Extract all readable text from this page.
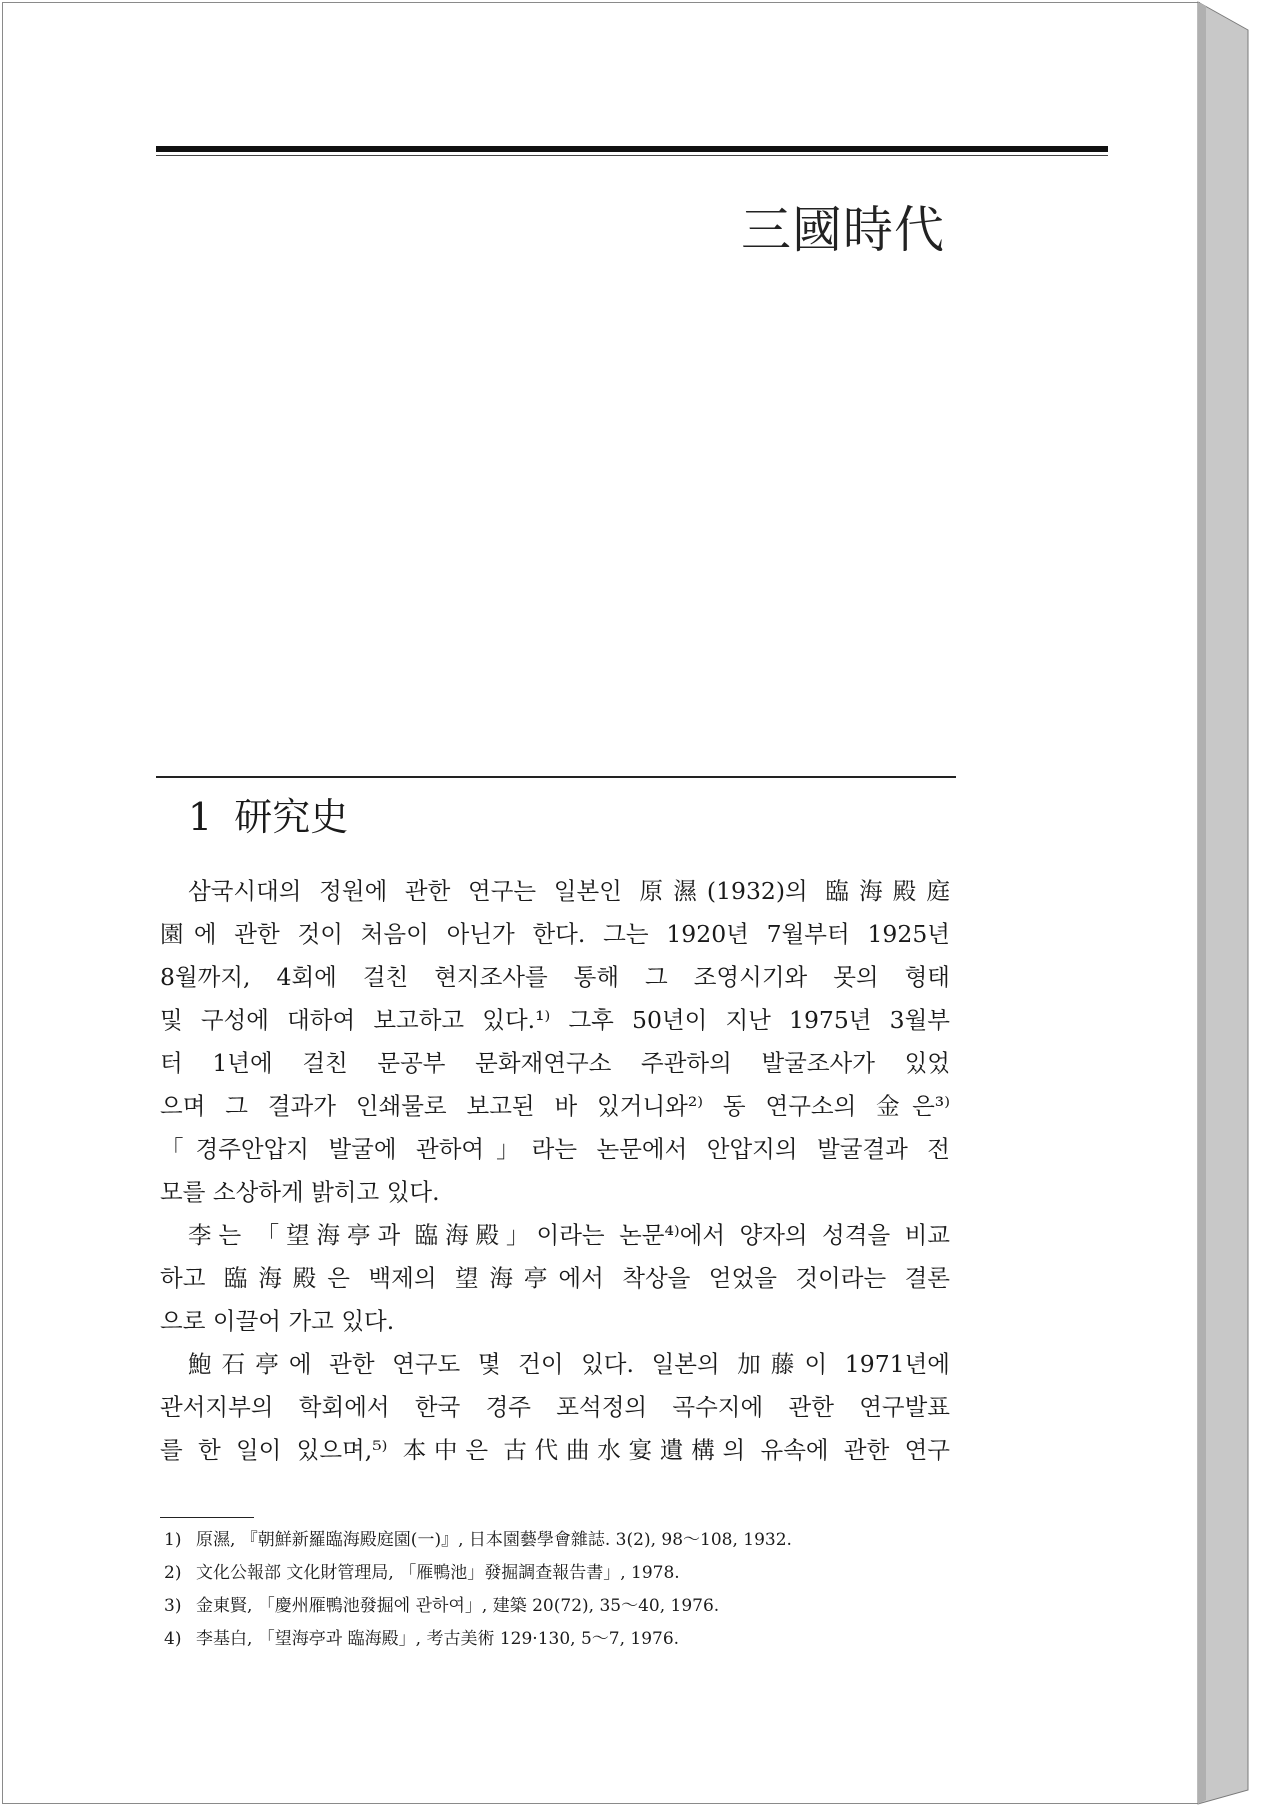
三國時代
1 研究史
삼국시대의 정원에 관한 연구는 일본인 原濕(1932)의 臨海殿庭
園에 관한 것이 처음이 아닌가 한다. 그는 1920년 7월부터 1925년
8월까지, 4회에 걸친 현지조사를 통해 그 조영시기와 못의 형태
및 구성에 대하여 보고하고 있다.¹⁾ 그후 50년이 지난 1975년 3월부
터 1년에 걸친 문공부 문화재연구소 주관하의 발굴조사가 있었
으며 그 결과가 인쇄물로 보고된 바 있거니와²⁾ 동 연구소의 金은³⁾
「경주안압지 발굴에 관하여」라는 논문에서 안압지의 발굴결과 전
모를 소상하게 밝히고 있다.
李는 「望海亭과 臨海殿」이라는 논문⁴⁾에서 양자의 성격을 비교
하고 臨海殿은 백제의 望海亭에서 착상을 얻었을 것이라는 결론
으로 이끌어 가고 있다.
鮑石亭에 관한 연구도 몇 건이 있다. 일본의 加藤이 1971년에
관서지부의 학회에서 한국 경주 포석정의 곡수지에 관한 연구발표
를 한 일이 있으며,⁵⁾ 本中은 古代曲水宴遺構의 유속에 관한 연구
1) 原濕, 『朝鮮新羅臨海殿庭園(一)』, 日本園藝學會雜誌. 3(2), 98～108, 1932.
2) 文化公報部 文化財管理局, 「雁鴨池」發掘調查報告書」, 1978.
3) 金東賢, 「慶州雁鴨池發掘에 관하여」, 建築 20(72), 35～40, 1976.
4) 李基白, 「望海亭과 臨海殿」, 考古美術 129·130, 5～7, 1976.
